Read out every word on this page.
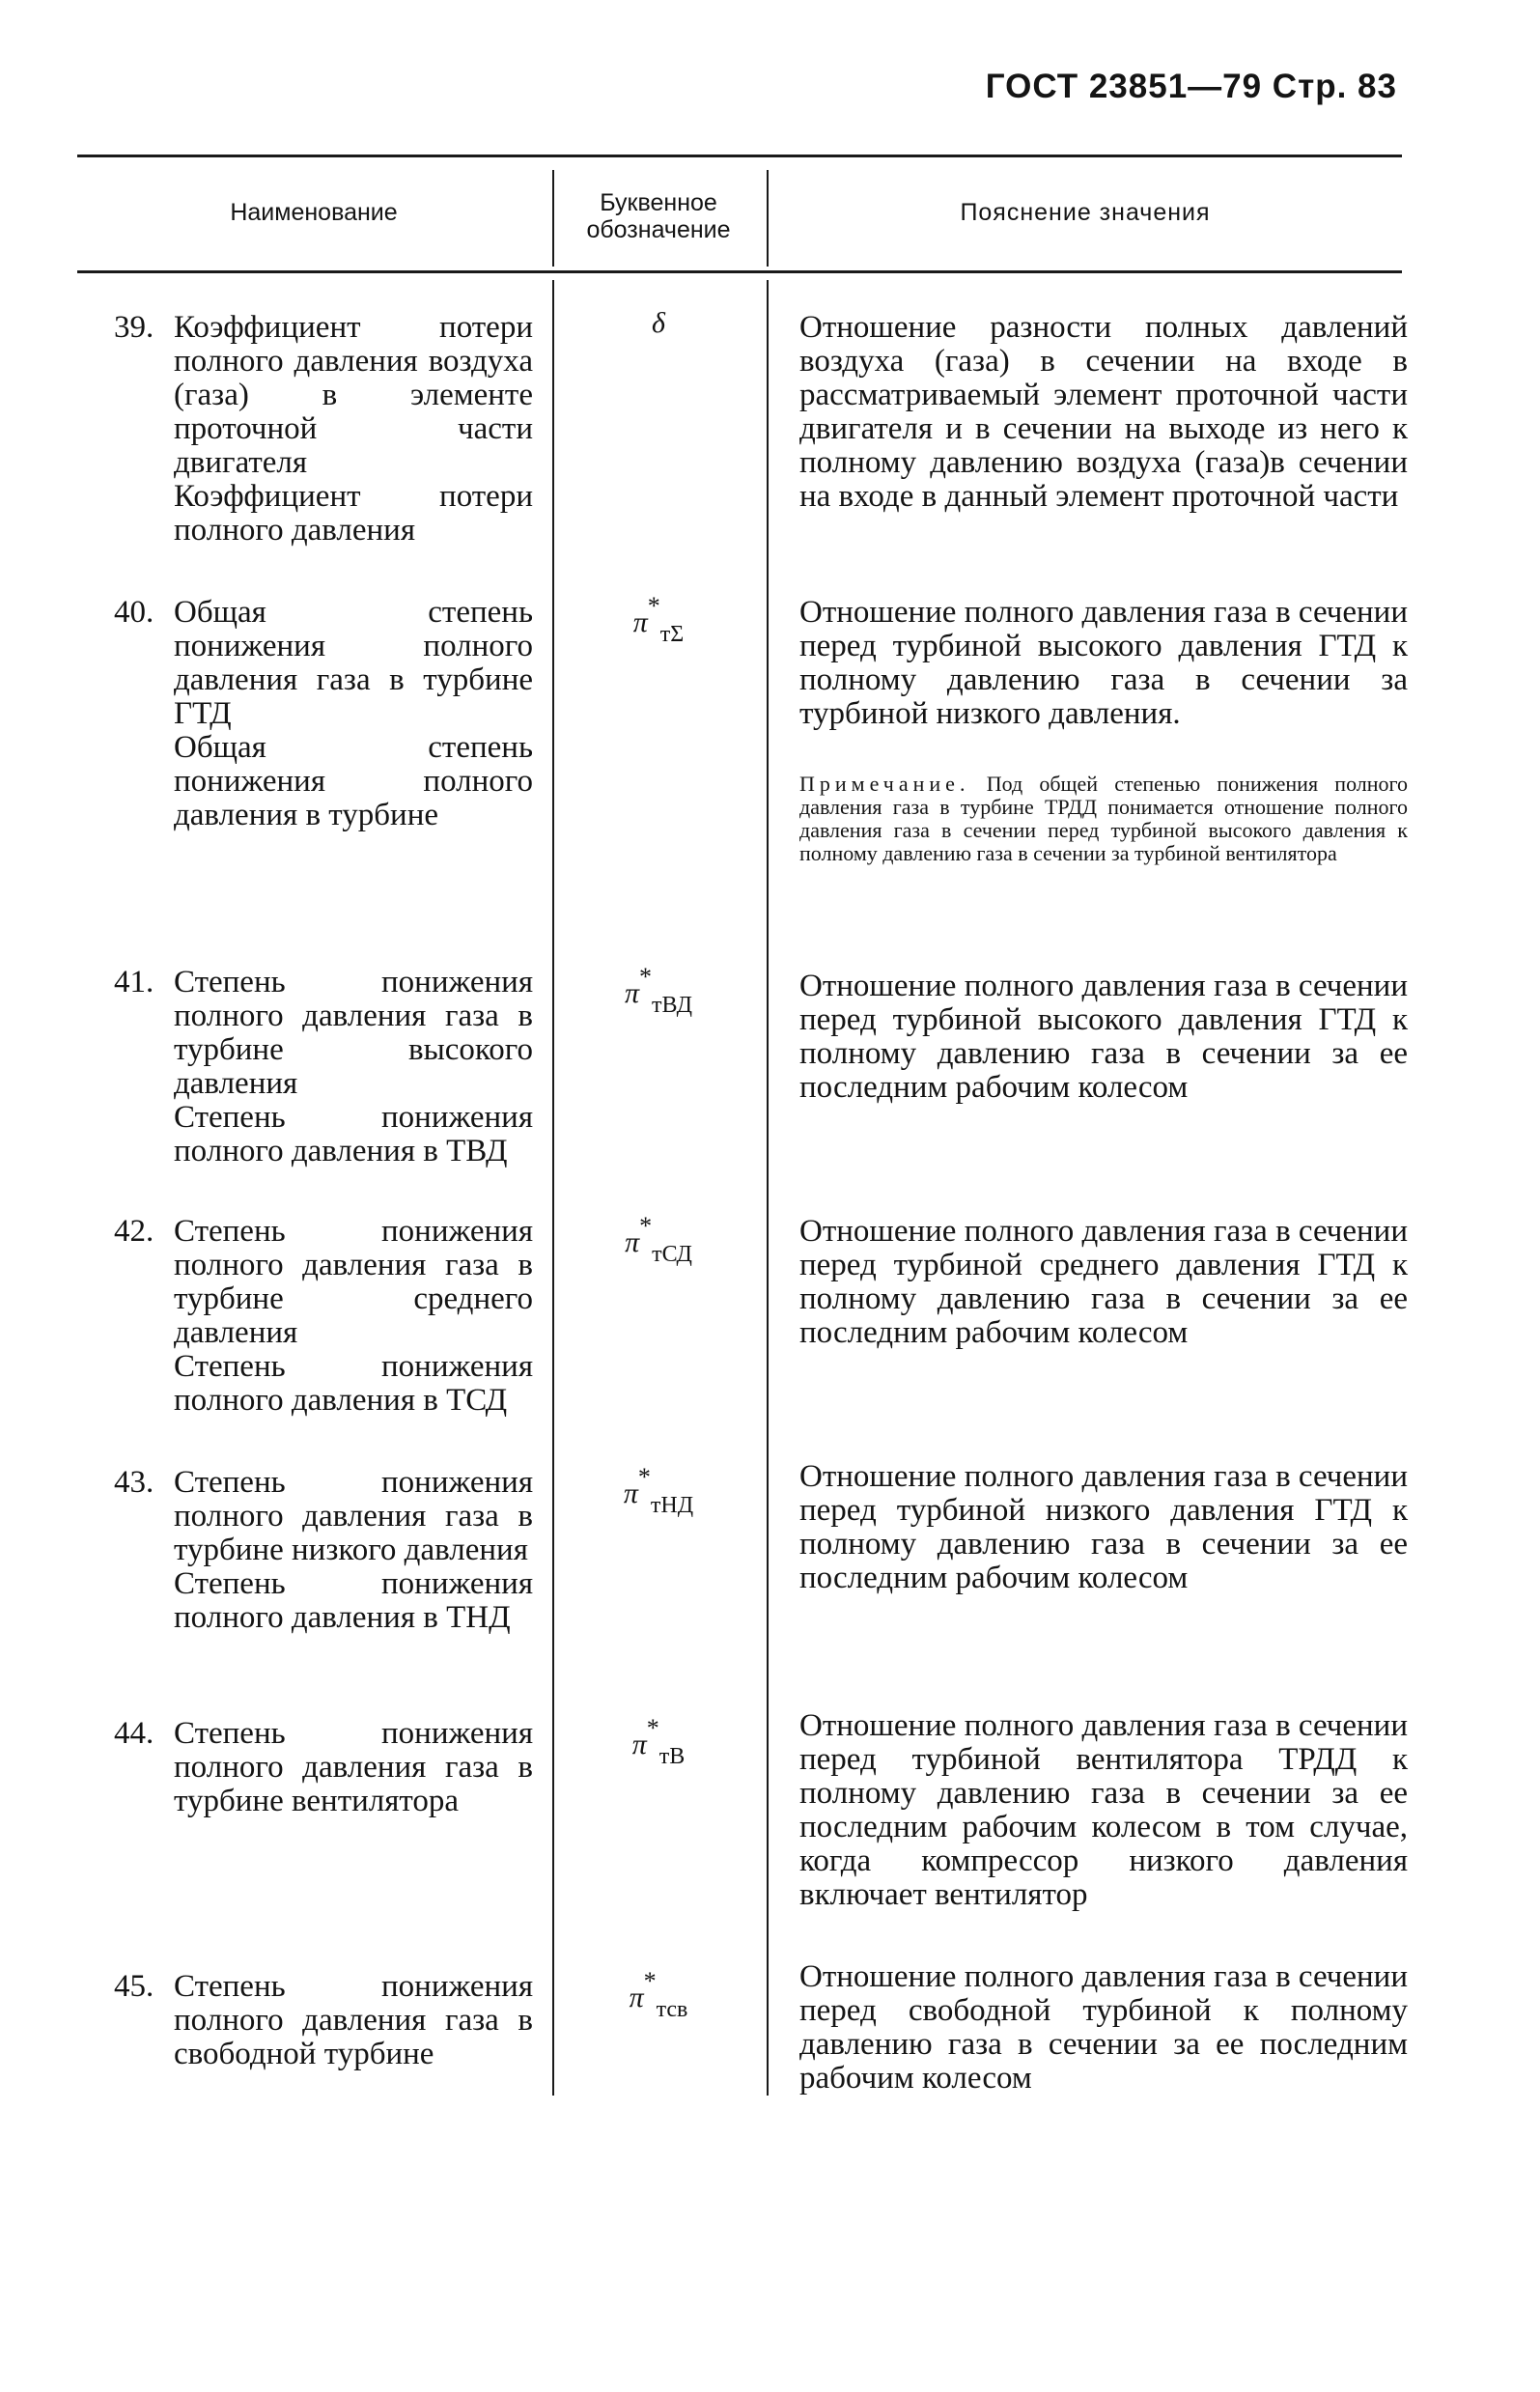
ГОСТ 23851—79 Стр. 83
Наименование	Буквенное обозначение
Пояснение значения
39. Коэффициент потери полного давления воздуха (газа) в элементе проточной части двигателя
Коэффициент потери полного давления
δ	Отношение разности полных давлений воздуха (газа) в сечении на входе в рассматриваемый элемент проточной части двигателя и в сечении на выходе из него к полному давлению воздуха (газа)в сечении на входе в данный элемент проточной части
40. Общая степень понижения полного давления газа в турбине ГТД
Общая степень понижения полного давления в турбине
$\pi*_{т\Sigma}$
Отношение полного давления газа в сечении перед турбиной высокого давления ГТД к полному давлению газа в сечении за турбиной низкого давления.
Примечание. Под общей степенью понижения полного давления газа в турбине ТРДД понимается отношение полного давления газа в сечении перед турбиной высокого давления к полному давлению газа в сечении за турбиной вентилятора
41. Степень понижения полного давления газа в турбине высокого давления
Степень понижения полного давления в ТВД
$\pi*_{тВД}$
Отношение полного давления газа в сечении перед турбиной высокого давления ГТД к полному давлению газа в сечении за ее последним рабочим колесом
42. Степень понижения полного давления газа в турбине среднего давления
Степень понижения полного давления в ТСД
$\pi*_{тСД}$
Отношение полного давления газа в сечении перед турбиной среднего давления ГТД к полному давлению газа в сечении за ее последним рабочим колесом
43. Степень понижения полного давления газа в турбине низкого давления
Степень понижения полного давления в ТНД
$\pi*_{тНД}$
Отношение полного давления газа в сечении перед турбиной низкого давления ГТД к полному давлению газа в сечении за ее последним рабочим колесом
44. Степень понижения полного давления газа в турбине вентилятора
$\pi*_{тВ}$
Отношение полного давления газа в сечении перед турбиной вентилятора ТРДД к полному давлению газа в сечении за ее последним рабочим колесом в том случае, когда компрессор низкого давления включает вентилятор
45. Степень понижения полного давления газа в свободной турбине
$\pi*_{тсв}$
Отношение полного давления газа в сечении перед свободной турбиной к полному давлению газа в сечении за ее последним рабочим колесом
